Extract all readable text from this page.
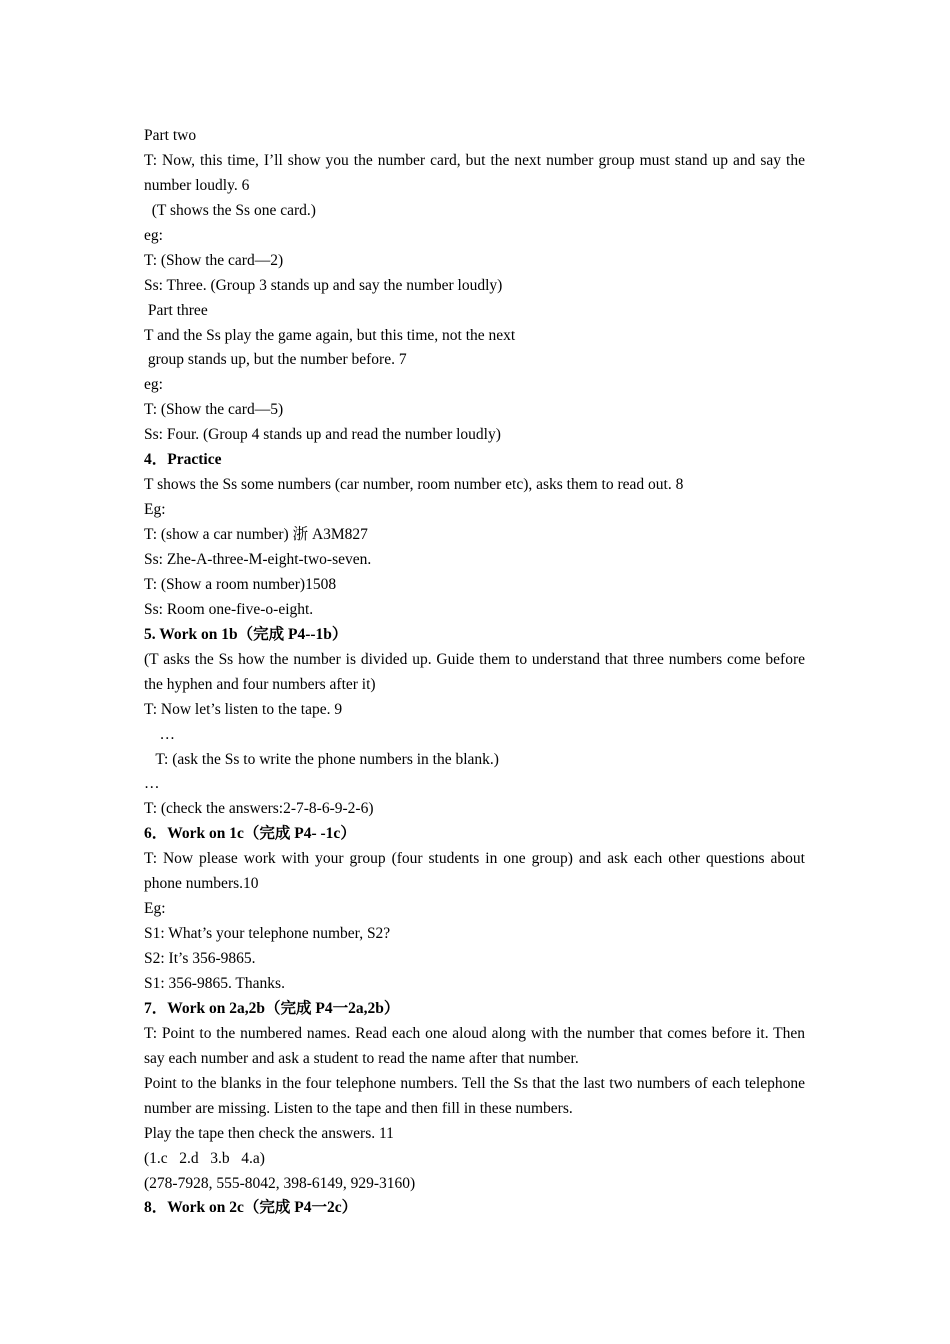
Part two
T: Now, this time, I’ll show you the number card, but the next number group must stand up and say the number loudly. 6
(T shows the Ss one card.)
eg:
T: (Show the card—2)
Ss: Three. (Group 3 stands up and say the number loudly)
Part three
T and the Ss play the game again, but this time, not the next
group stands up, but the number before. 7
eg:
T: (Show the card—5)
Ss: Four. (Group 4 stands up and read the number loudly)
4．Practice
T shows the Ss some numbers (car number, room number etc), asks them to read out. 8
Eg:
T: (show a car number) 浙 A3M827
Ss: Zhe-A-three-M-eight-two-seven.
T: (Show a room number)1508
Ss: Room one-five-o-eight.
5. Work on 1b（完成 P4--1b）
(T asks the Ss how the number is divided up. Guide them to understand that three numbers come before the hyphen and four numbers after it)
T: Now let’s listen to the tape. 9
…
T: (ask the Ss to write the phone numbers in the blank.)
…
T: (check the answers:2-7-8-6-9-2-6)
6．Work on 1c（完成 P4- -1c）
T: Now please work with your group (four students in one group) and ask each other questions about phone numbers.10
Eg:
S1: What’s your telephone number, S2?
S2: It’s 356-9865.
S1: 356-9865. Thanks.
7．Work on 2a,2b（完成 P4一2a,2b）
T: Point to the numbered names. Read each one aloud along with the number that comes before it. Then say each number and ask a student to read the name after that number.
Point to the blanks in the four telephone numbers. Tell the Ss that the last two numbers of each telephone number are missing. Listen to the tape and then fill in these numbers.
Play the tape then check the answers. 11
(1.c   2.d   3.b   4.a)
(278-7928, 555-8042, 398-6149, 929-3160)
8．Work on 2c（完成 P4一2c）
